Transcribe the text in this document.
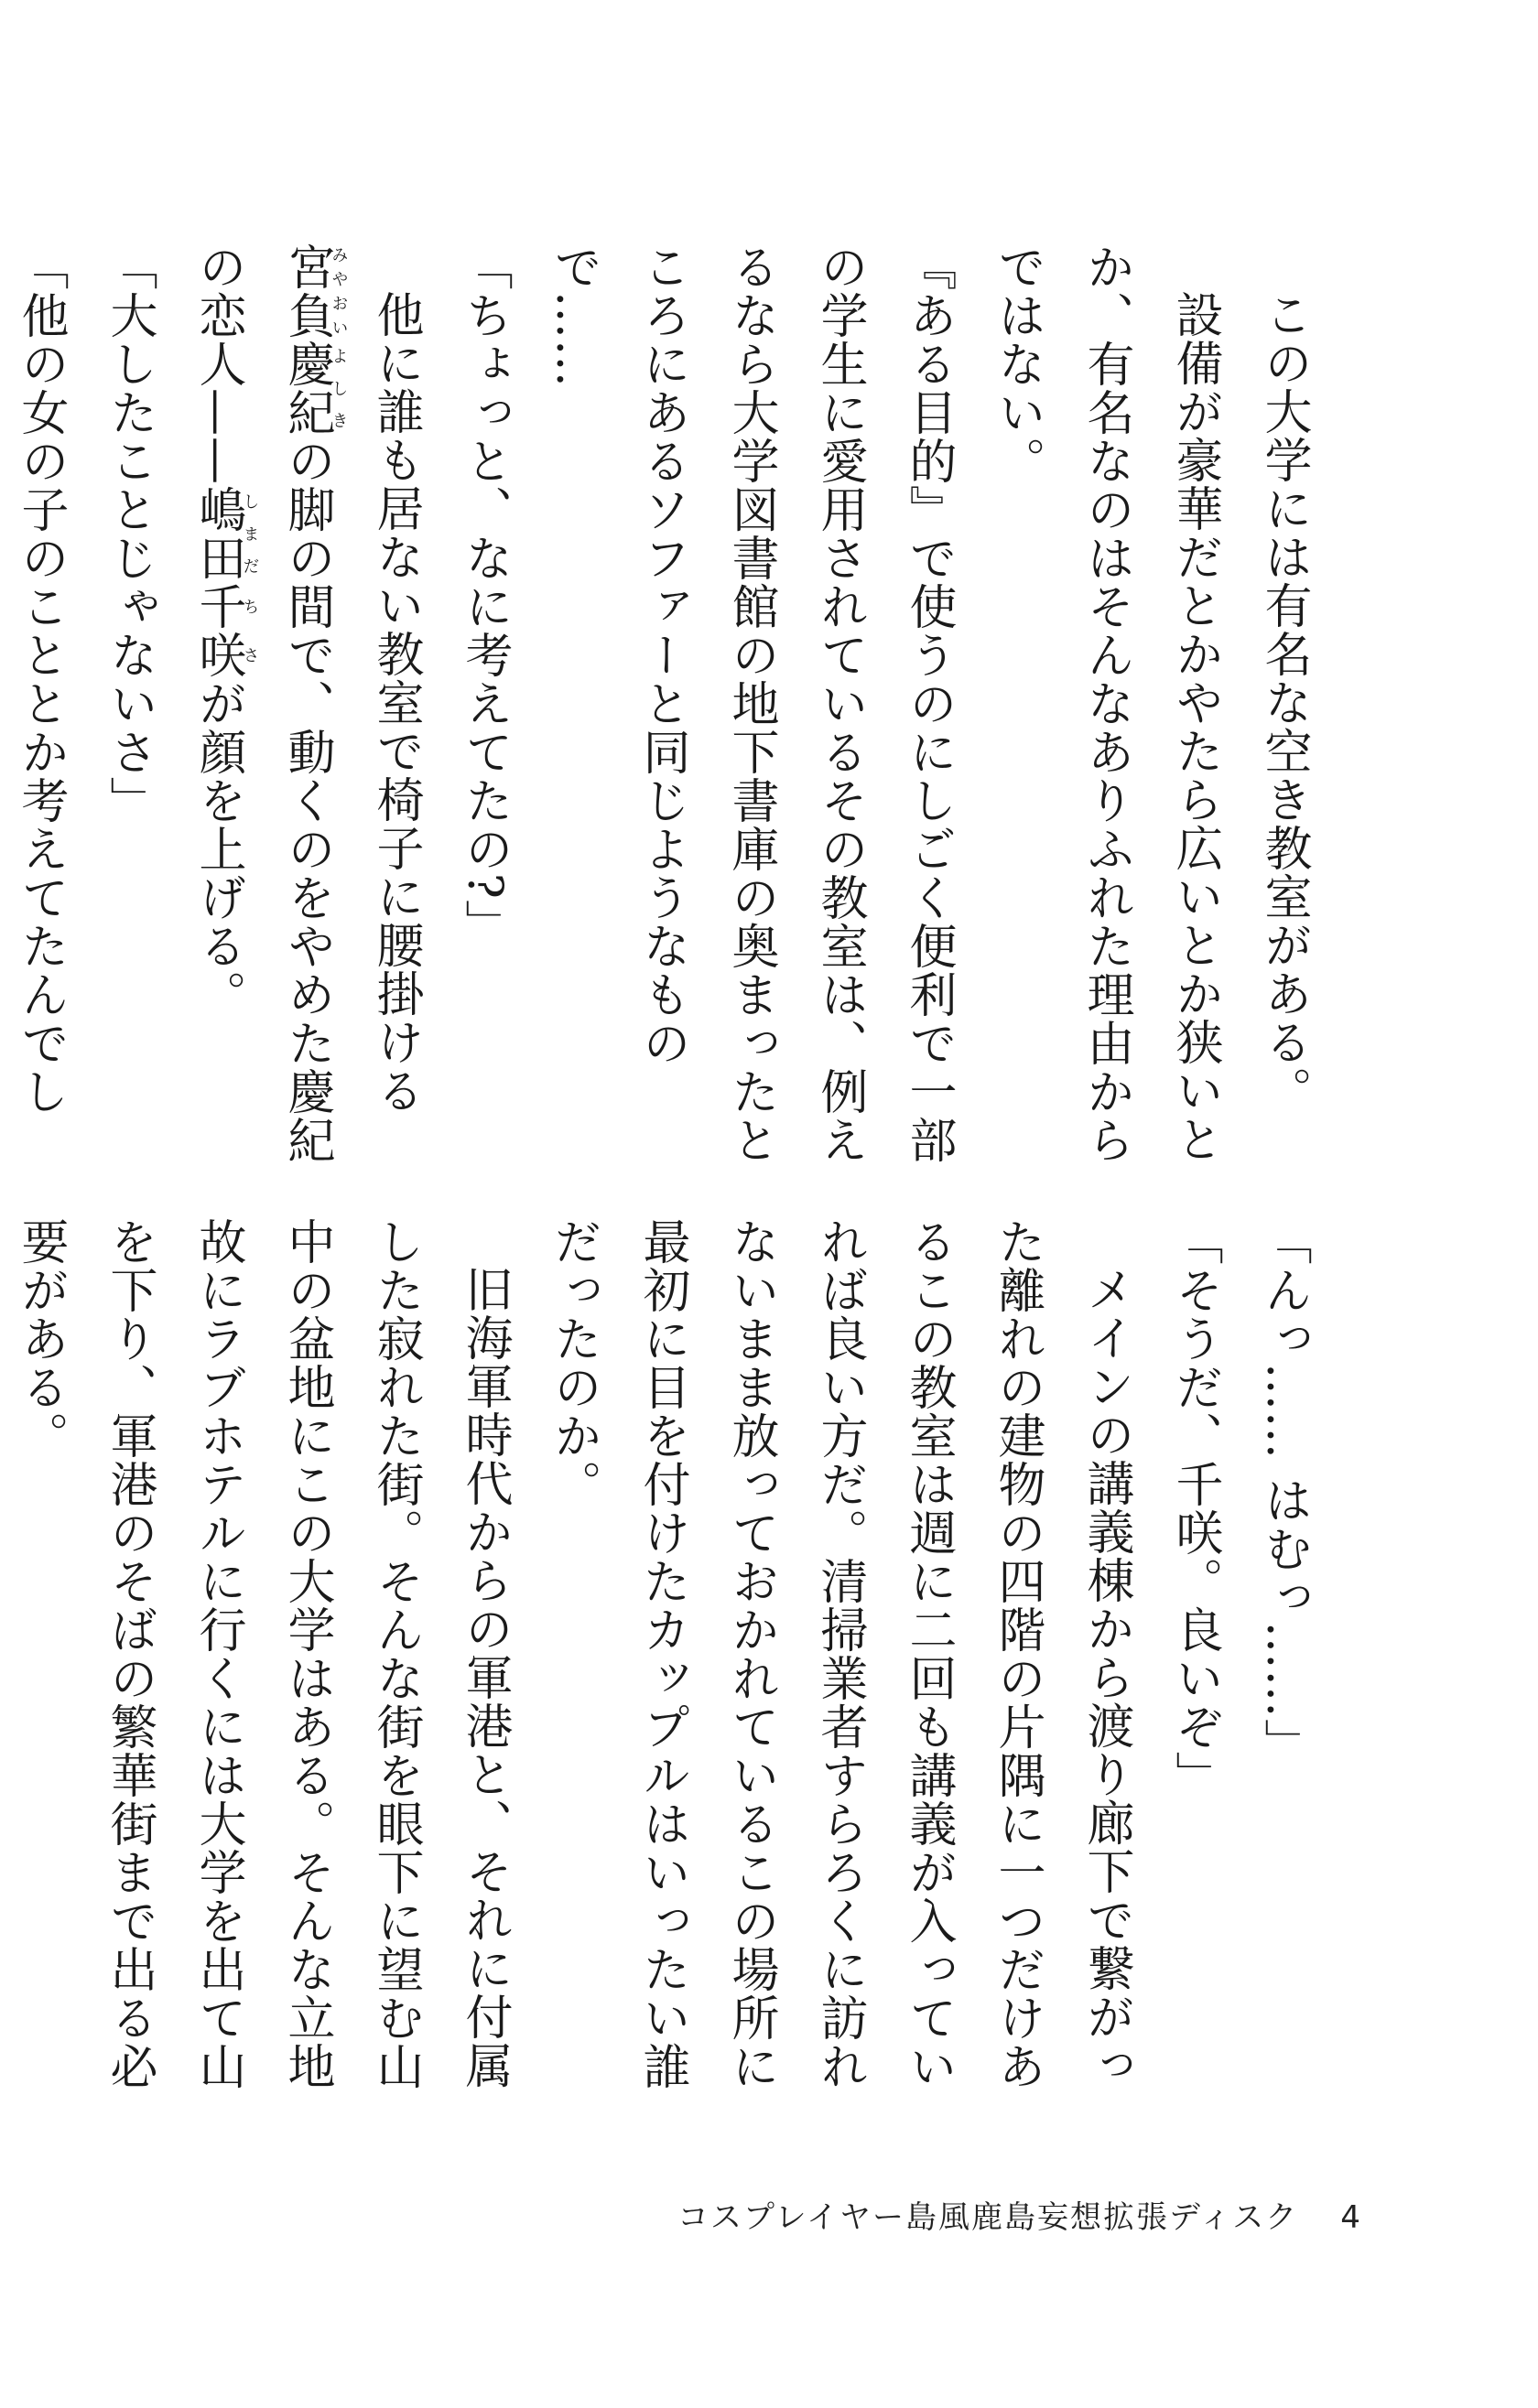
この大学には有名な空き教室がある。

設備が豪華だとかやたら広いとか狭いとか、有名なのはそんなありふれた理由からではない。

『ある目的』で使うのにしごく便利で一部の学生に愛用されているその教室は、例えるなら大学図書館の地下書庫の奥まったところにあるソファーと同じようなもので……

「ちょっと、なに考えてたの?」

他に誰も居ない教室で椅子に腰掛ける宮負みやおい慶紀よしきの脚の間で、動くのをやめた慶紀の恋人——嶋田しまだ千咲ちさが顔を上げる。

「大したことじゃないさ」

「他の女の子のこととか考えてたんでし

「んっ…… はむっ……」

「そうだ、千咲。良いぞ」

メインの講義棟から渡り廊下で繋がった離れの建物の四階の片隅に一つだけあるこの教室は週に二回も講義が入っていれば良い方だ。清掃業者すらろくに訪れないまま放っておかれているこの場所に最初に目を付けたカップルはいったい誰だったのか。

旧海軍時代からの軍港と、それに付属した寂れた街。そんな街を眼下に望む山中の盆地にこの大学はある。そんな立地故にラブホテルに行くには大学を出て山を下り、軍港のそばの繁華街まで出る必要がある。

コスプレイヤー島風鹿島妄想拡張ディスク 4
